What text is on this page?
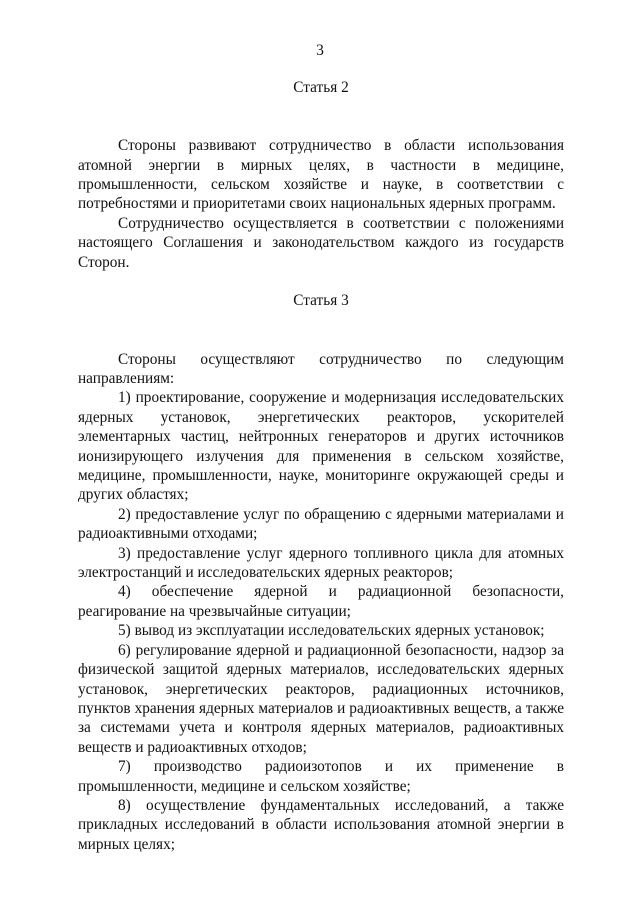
3

Статья 2

Стороны развивают сотрудничество в области использования атомной энергии в мирных целях, в частности в медицине, промышленности, сельском хозяйстве и науке, в соответствии с потребностями и приоритетами своих национальных ядерных программ.

Сотрудничество осуществляется в соответствии с положениями настоящего Соглашения и законодательством каждого из государств Сторон.

Статья 3

Стороны осуществляют сотрудничество по следующим направлениям:

1) проектирование, сооружение и модернизация исследовательских ядерных установок, энергетических реакторов, ускорителей элементарных частиц, нейтронных генераторов и других источников ионизирующего излучения для применения в сельском хозяйстве, медицине, промышленности, науке, мониторинге окружающей среды и других областях;

2) предоставление услуг по обращению с ядерными материалами и радиоактивными отходами;

3) предоставление услуг ядерного топливного цикла для атомных электростанций и исследовательских ядерных реакторов;

4) обеспечение ядерной и радиационной безопасности, реагирование на чрезвычайные ситуации;

5) вывод из эксплуатации исследовательских ядерных установок;

6) регулирование ядерной и радиационной безопасности, надзор за физической защитой ядерных материалов, исследовательских ядерных установок, энергетических реакторов, радиационных источников, пунктов хранения ядерных материалов и радиоактивных веществ, а также за системами учета и контроля ядерных материалов, радиоактивных веществ и радиоактивных отходов;

7) производство радиоизотопов и их применение в промышленности, медицине и сельском хозяйстве;

8) осуществление фундаментальных исследований, а также прикладных исследований в области использования атомной энергии в мирных целях;
